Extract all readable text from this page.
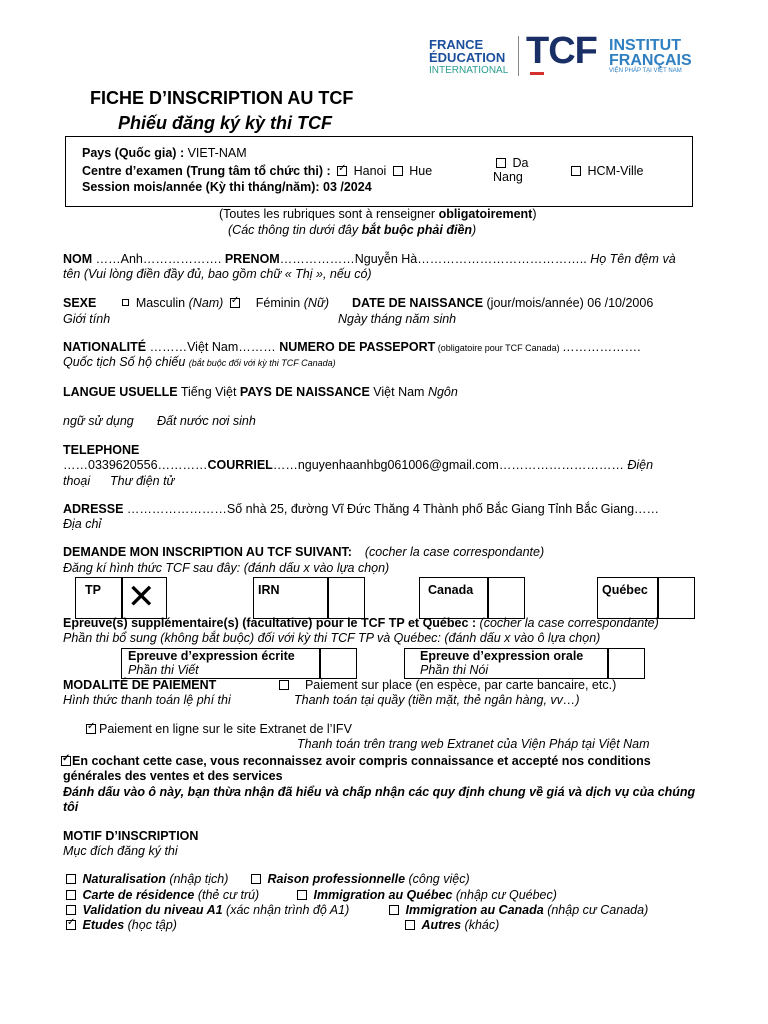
FRANCE
ÉDUCATION
INTERNATIONAL TCF INSTITUT
FRANÇAIS
VIỆN PHÁP TẠI VIỆT NAM
FICHE D’INSCRIPTION AU TCF
Phiếu đăng ký kỳ thi TCF
Pays (Quốc gia) : VIET-NAM
Centre d’examen (Trung tâm tổ chức thi) : ✓ Hanoi Hue
Da Nang	HCM-Ville
Session mois/année (Kỳ thi tháng/năm): 03 /2024
(Toutes les rubriques sont à renseigner obligatoirement)
(Các thông tin dưới đây bắt buộc phải điền)
NOM ……Anh………………. PRENOM………………Nguyễn Hà………………………………….. Họ Tên đệm và
tên (Vui lòng điền đầy đủ, bao gồm chữ « Thị », nếu có)
SEXE	Masculin (Nam) ✓	Féminin (Nữ) DATE DE NAISSANCE (jour/mois/année) 06 /10/2006
Giới tính	Ngày tháng năm sinh
NATIONALITÉ ………Việt Nam……… NUMERO DE PASSEPORT (obligatoire pour TCF Canada) ……………….
Quốc tịch Số hộ chiếu (bắt buộc đối với kỳ thi TCF Canada)
LANGUE USUELLE Tiếng Việt PAYS DE NAISSANCE Việt Nam Ngôn
ngữ sử dụng Đất nước nơi sinh
TELEPHONE
……0339620556…………COURRIEL……nguyenhaanhbg061006@gmail.com………………………… Điện
thoại Thư điện tử
ADRESSE ……………………Số nhà 25, đường Vĩ Đức Thăng 4 Thành phố Bắc Giang Tỉnh Bắc Giang……
Địa chỉ
DEMANDE MON INSCRIPTION AU TCF SUIVANT: (cocher la case correspondante)
Đăng kí hình thức TCF sau đây: (đánh dấu x vào lựa chọn)
TP ✕	IRN	Canada	Québec
Epreuve(s) supplémentaire(s) (facultative) pour le TCF TP et Québec : (cocher la case correspondante)
Phần thi bổ sung (không bắt buộc) đối với kỳ thi TCF TP và Québec: (đánh dấu x vào ô lựa chọn)
Epreuve d’expression écrite
Phần thi Viết
Epreuve d’expression orale
Phần thi Nói
MODALITÉ DE PAIEMENT	Paiement sur place (en espèce, par carte bancaire, etc.)
Hình thức thanh toán lệ phí thi	Thanh toán tại quầy (tiền mặt, thẻ ngân hàng, vv…)
✓Paiement en ligne sur le site Extranet de l’IFV
Thanh toán trên trang web Extranet của Viện Pháp tại Việt Nam
✓En cochant cette case, vous reconnaissez avoir compris connaissance et accepté nos conditions
générales des ventes et des services
Đánh dấu vào ô này, bạn thừa nhận đã hiểu và chấp nhận các quy định chung về giá và dịch vụ của chúng
tôi
MOTIF D’INSCRIPTION
Mục đích đăng ký thi
Naturalisation (nhập tịch)	Raison professionnelle (công việc)
Carte de résidence (thẻ cư trú)	Immigration au Québec (nhập cư Québec)
Validation du niveau A1 (xác nhận trình độ A1)	Immigration au Canada (nhập cư Canada)
✓ Etudes (học tập)	Autres (khác)
